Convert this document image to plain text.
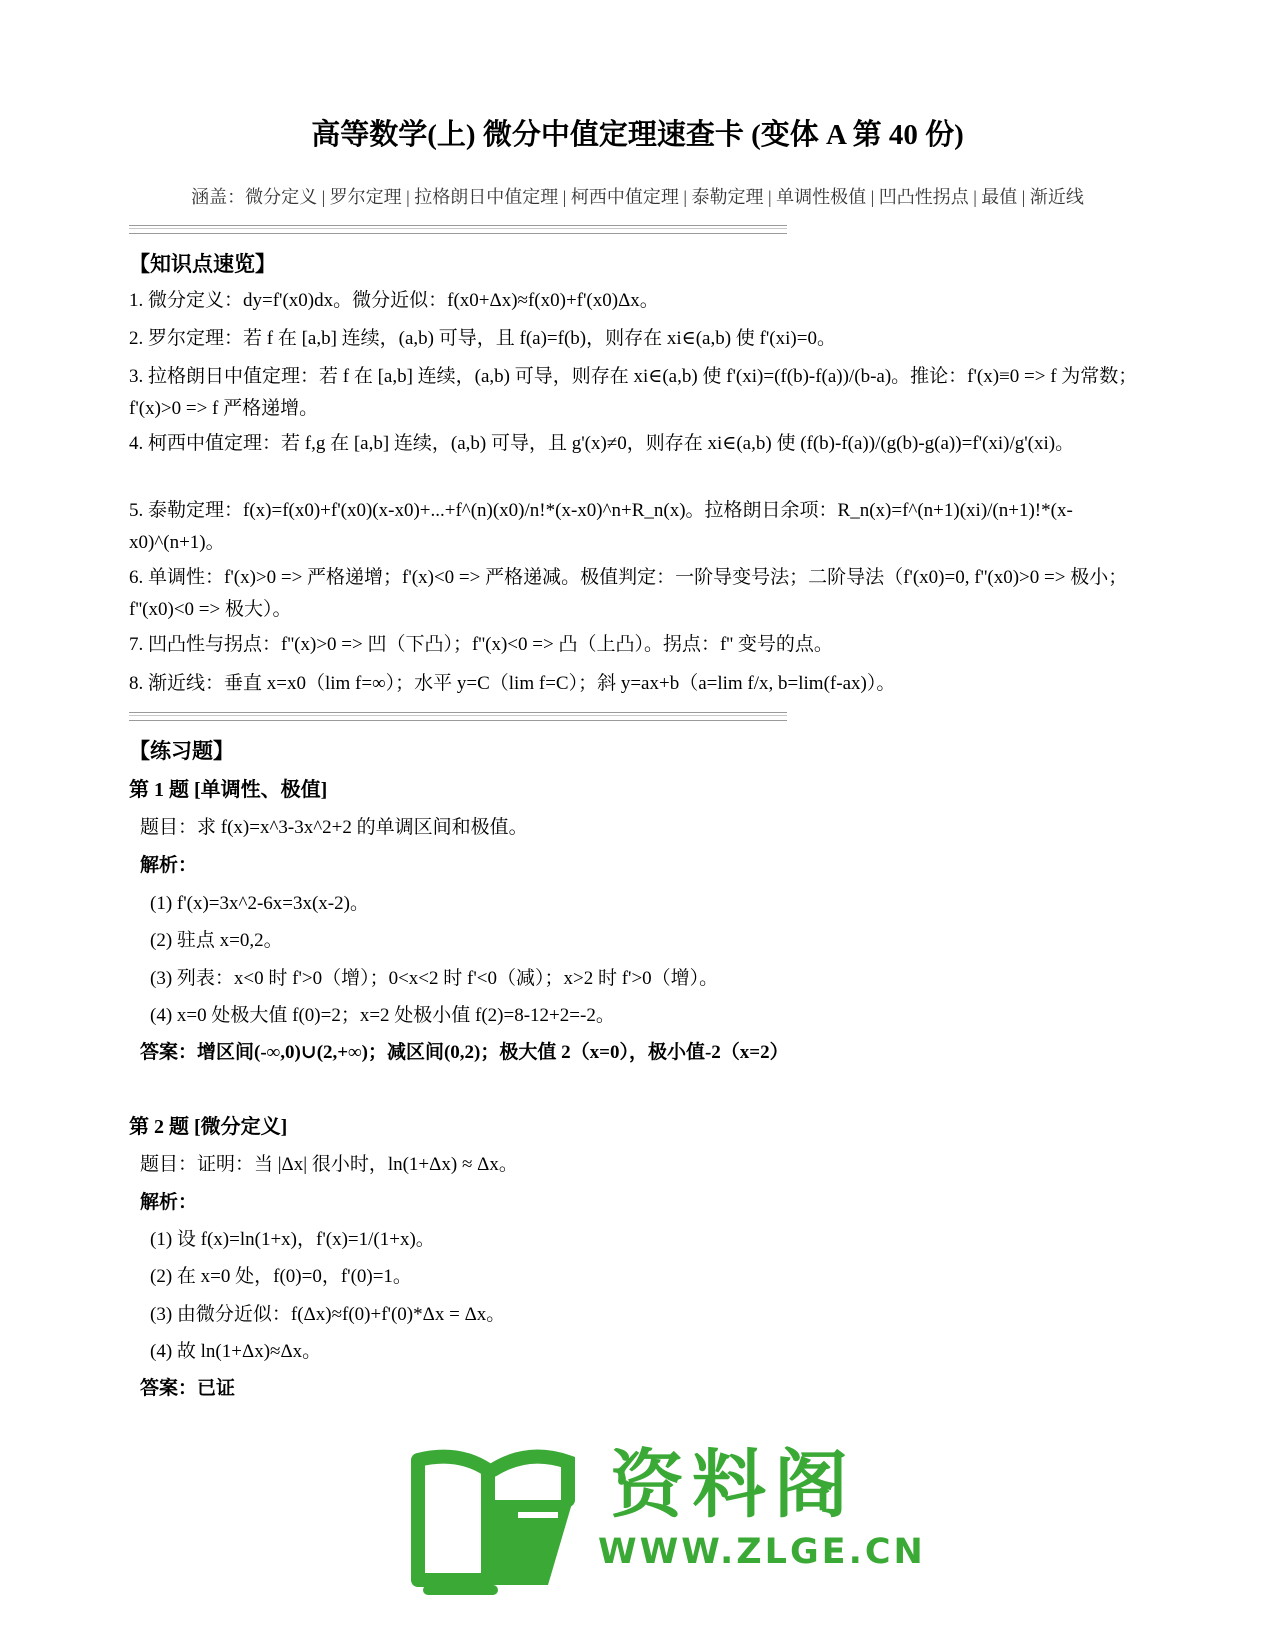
高等数学(上) 微分中值定理速查卡 (变体 A 第 40 份)
涵盖：微分定义 | 罗尔定理 | 拉格朗日中值定理 | 柯西中值定理 | 泰勒定理 | 单调性极值 | 凹凸性拐点 | 最值 | 渐近线
【知识点速览】
1. 微分定义：dy=f'(x0)dx。微分近似：f(x0+Δx)≈f(x0)+f'(x0)Δx。
2. 罗尔定理：若 f 在 [a,b] 连续，(a,b) 可导，且 f(a)=f(b)，则存在 xi∈(a,b) 使 f'(xi)=0。
3. 拉格朗日中值定理：若 f 在 [a,b] 连续，(a,b) 可导，则存在 xi∈(a,b) 使 f'(xi)=(f(b)-f(a))/(b-a)。推论：f'(x)≡0 => f 为常数；f'(x)>0 => f 严格递增。
4. 柯西中值定理：若 f,g 在 [a,b] 连续，(a,b) 可导，且 g'(x)≠0，则存在 xi∈(a,b) 使 (f(b)-f(a))/(g(b)-g(a))=f'(xi)/g'(xi)。
5. 泰勒定理：f(x)=f(x0)+f'(x0)(x-x0)+...+f^(n)(x0)/n!*(x-x0)^n+R_n(x)。拉格朗日余项：R_n(x)=f^(n+1)(xi)/(n+1)!*(x-x0)^(n+1)。
6. 单调性：f'(x)>0 => 严格递增；f'(x)<0 => 严格递减。极值判定：一阶导变号法；二阶导法（f'(x0)=0, f''(x0)>0 => 极小；f''(x0)<0 => 极大）。
7. 凹凸性与拐点：f''(x)>0 => 凹（下凸）；f''(x)<0 => 凸（上凸）。拐点：f'' 变号的点。
8. 渐近线：垂直 x=x0（lim f=∞）；水平 y=C（lim f=C）；斜 y=ax+b（a=lim f/x, b=lim(f-ax)）。
【练习题】
第 1 题 [单调性、极值]
题目：求 f(x)=x^3-3x^2+2 的单调区间和极值。
解析：
(1) f'(x)=3x^2-6x=3x(x-2)。
(2) 驻点 x=0,2。
(3) 列表：x<0 时 f'>0（增）；0<x<2 时 f'<0（减）；x>2 时 f'>0（增）。
(4) x=0 处极大值 f(0)=2；x=2 处极小值 f(2)=8-12+2=-2。
答案：增区间(-∞,0)∪(2,+∞)；减区间(0,2)；极大值 2（x=0），极小值-2（x=2）
第 2 题 [微分定义]
题目：证明：当 |Δx| 很小时，ln(1+Δx) ≈ Δx。
解析：
(1) 设 f(x)=ln(1+x)，f'(x)=1/(1+x)。
(2) 在 x=0 处，f(0)=0，f'(0)=1。
(3) 由微分近似：f(Δx)≈f(0)+f'(0)*Δx = Δx。
(4) 故 ln(1+Δx)≈Δx。
答案：已证
资料阁
WWW.ZLGE.CN
